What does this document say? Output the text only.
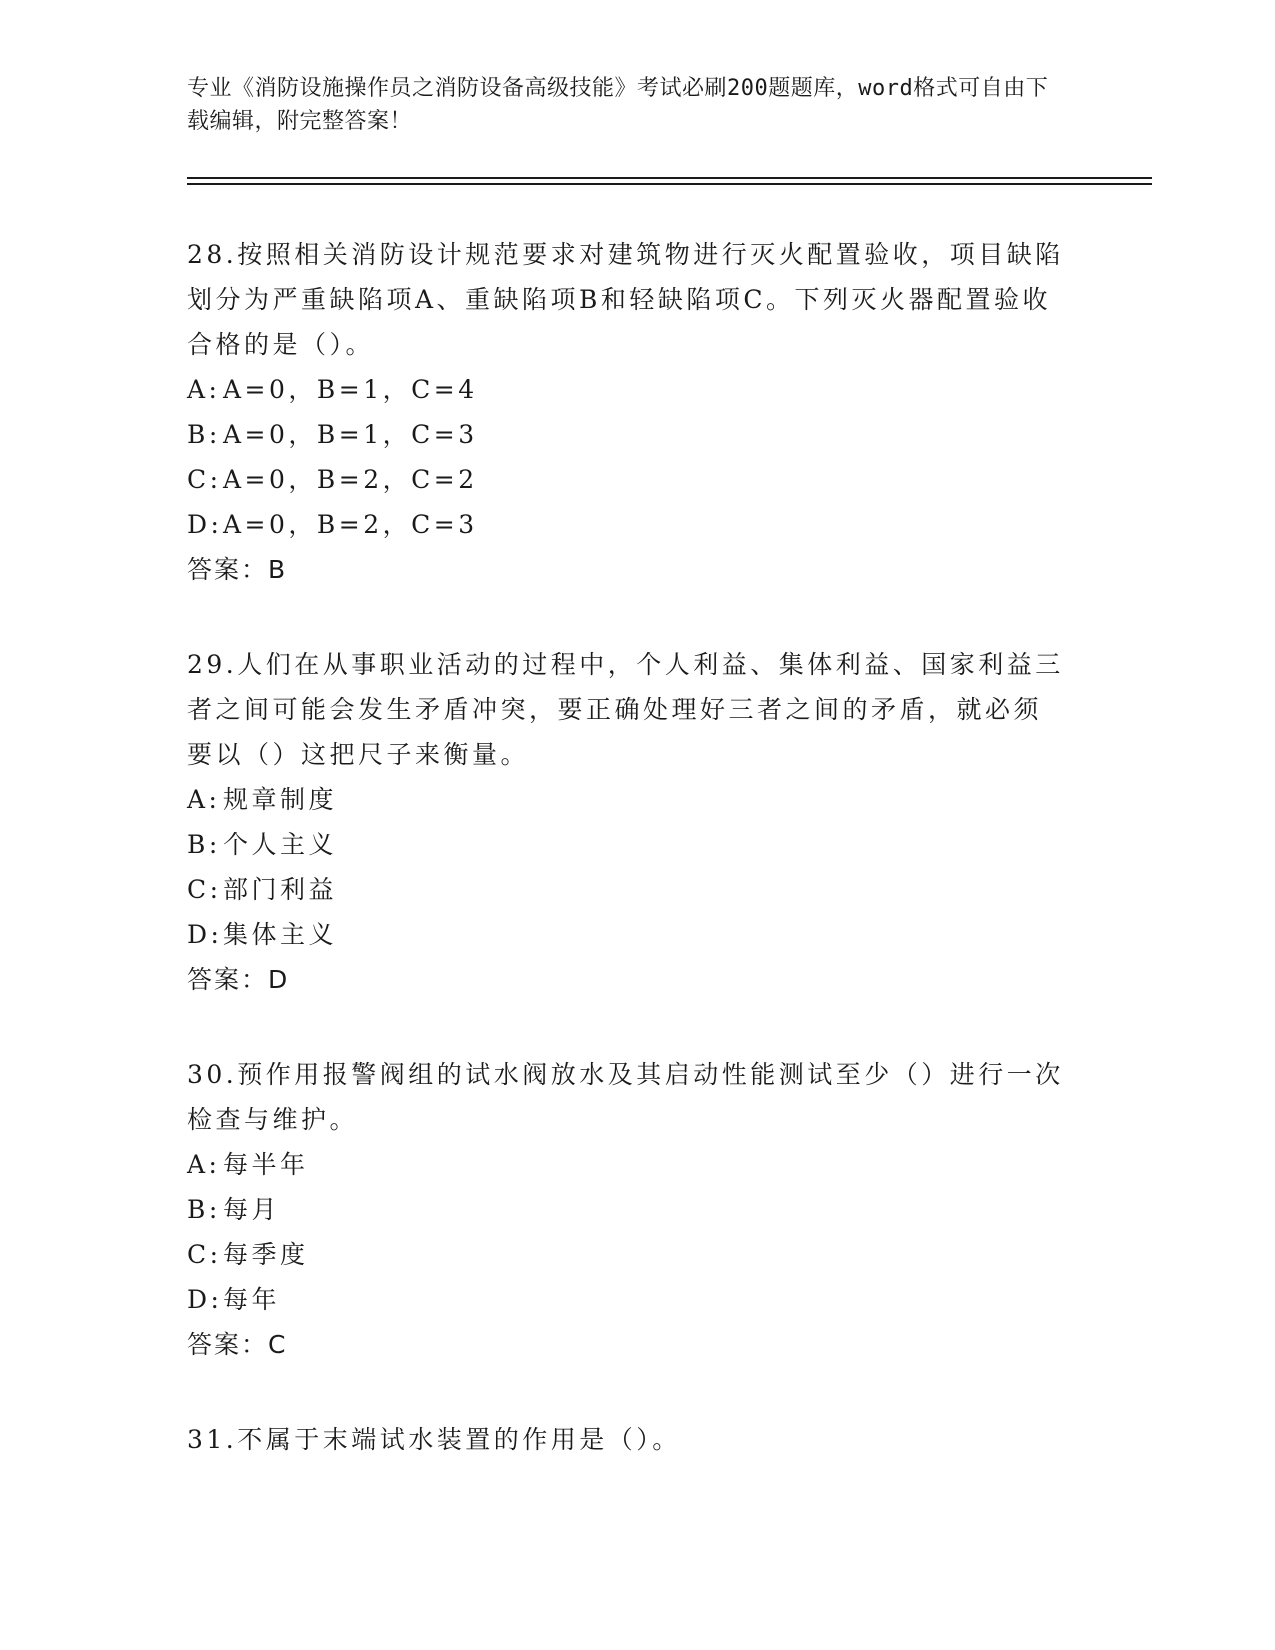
专业《消防设施操作员之消防设备高级技能》考试必刷200题题库，word格式可自由下载编辑，附完整答案！

28.按照相关消防设计规范要求对建筑物进行灭火配置验收，项目缺陷划分为严重缺陷项A、重缺陷项B和轻缺陷项C。下列灭火器配置验收合格的是（）。

A: A=0，B=1，C=4

B:A=0，B=1，C=3

C:A=0，B=2，C=2

D:A=0，B=2，C=3

答案：B

29.人们在从事职业活动的过程中，个人利益、集体利益、国家利益三者之间可能会发生矛盾冲突，要正确处理好三者之间的矛盾，就必须要以（）这把尺子来衡量。

A: 规章制度

B:个人主义

C:部门利益

D:集体主义

答案：D

30.预作用报警阀组的试水阀放水及其启动性能测试至少（）进行一次检查与维护。

A: 每半年

B:每月

C:每季度

D:每年

答案：C

31.不属于末端试水装置的作用是（）。
